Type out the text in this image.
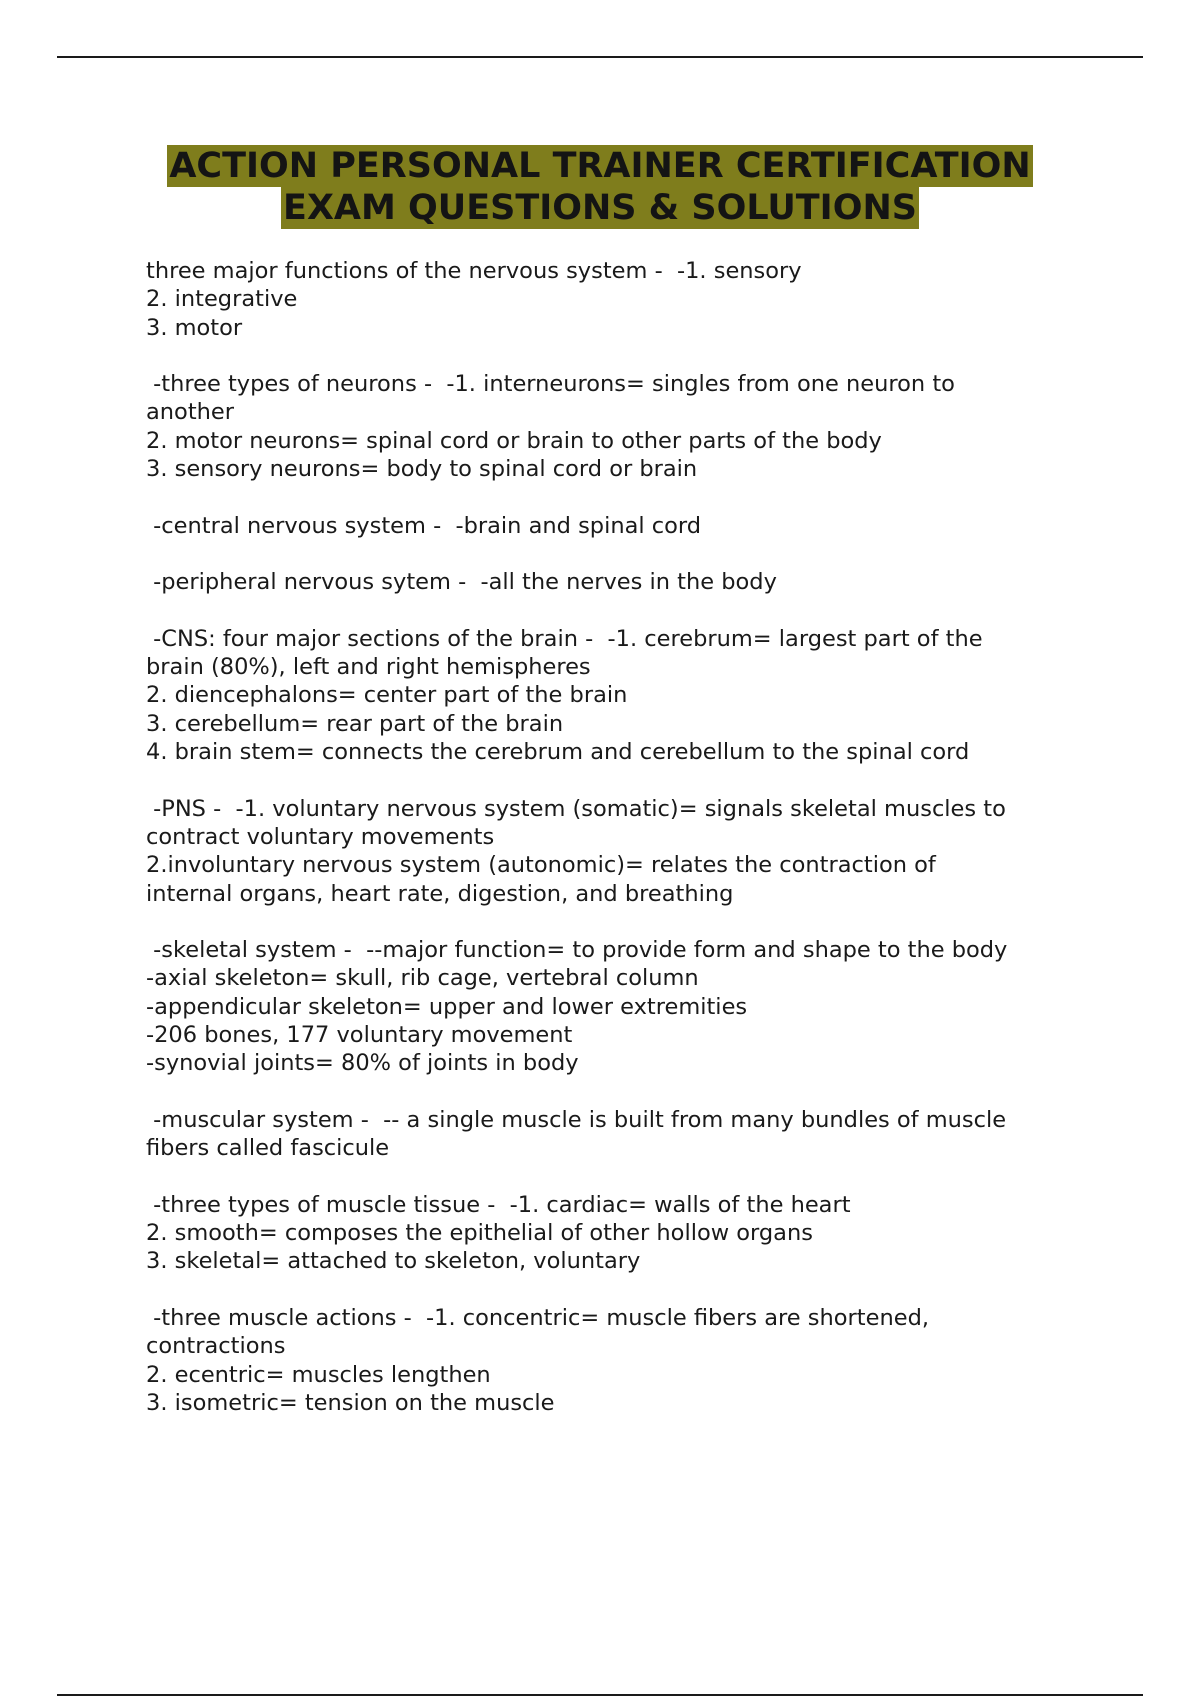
ACTION PERSONAL TRAINER CERTIFICATION
EXAM QUESTIONS & SOLUTIONS
three major functions of the nervous system -  -1. sensory
2. integrative
3. motor
-three types of neurons -  -1. interneurons= singles from one neuron to
another
2. motor neurons= spinal cord or brain to other parts of the body
3. sensory neurons= body to spinal cord or brain
-central nervous system -  -brain and spinal cord
-peripheral nervous sytem -  -all the nerves in the body
-CNS: four major sections of the brain -  -1. cerebrum= largest part of the
brain (80%), left and right hemispheres
2. diencephalons= center part of the brain
3. cerebellum= rear part of the brain
4. brain stem= connects the cerebrum and cerebellum to the spinal cord
-PNS -  -1. voluntary nervous system (somatic)= signals skeletal muscles to
contract voluntary movements
2.involuntary nervous system (autonomic)= relates the contraction of
internal organs, heart rate, digestion, and breathing
-skeletal system -  --major function= to provide form and shape to the body
-axial skeleton= skull, rib cage, vertebral column
-appendicular skeleton= upper and lower extremities
-206 bones, 177 voluntary movement
-synovial joints= 80% of joints in body
-muscular system -  -- a single muscle is built from many bundles of muscle
fibers called fascicule
-three types of muscle tissue -  -1. cardiac= walls of the heart
2. smooth= composes the epithelial of other hollow organs
3. skeletal= attached to skeleton, voluntary
-three muscle actions -  -1. concentric= muscle fibers are shortened,
contractions
2. ecentric= muscles lengthen
3. isometric= tension on the muscle
